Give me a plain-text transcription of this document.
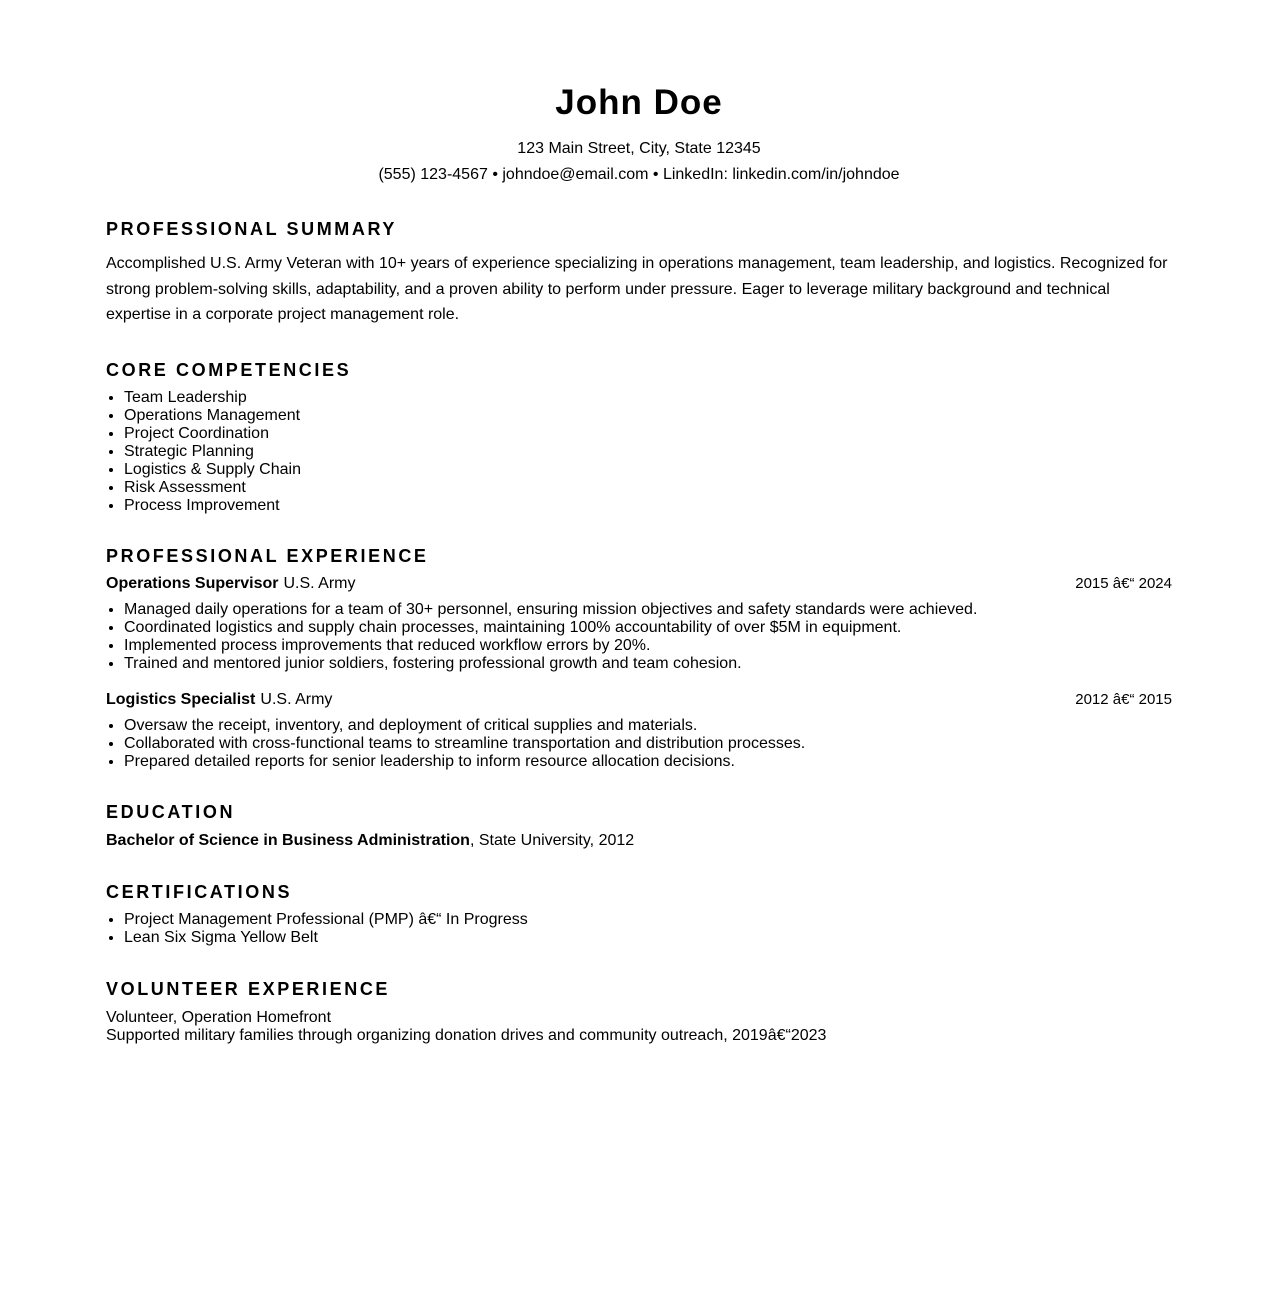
John Doe
123 Main Street, City, State 12345
(555) 123-4567 • johndoe@email.com • LinkedIn: linkedin.com/in/johndoe
PROFESSIONAL SUMMARY
Accomplished U.S. Army Veteran with 10+ years of experience specializing in operations management, team leadership, and logistics. Recognized for strong problem-solving skills, adaptability, and a proven ability to perform under pressure. Eager to leverage military background and technical expertise in a corporate project management role.
CORE COMPETENCIES
• Team Leadership
• Operations Management
• Project Coordination
• Strategic Planning
• Logistics & Supply Chain
• Risk Assessment
• Process Improvement
PROFESSIONAL EXPERIENCE
Operations Supervisor U.S. Army	2015 â€“ 2024
• Managed daily operations for a team of 30+ personnel, ensuring mission objectives and safety standards were achieved.
• Coordinated logistics and supply chain processes, maintaining 100% accountability of over $5M in equipment.
• Implemented process improvements that reduced workflow errors by 20%.
• Trained and mentored junior soldiers, fostering professional growth and team cohesion.
Logistics Specialist U.S. Army	2012 â€“ 2015
• Oversaw the receipt, inventory, and deployment of critical supplies and materials.
• Collaborated with cross-functional teams to streamline transportation and distribution processes.
• Prepared detailed reports for senior leadership to inform resource allocation decisions.
EDUCATION
Bachelor of Science in Business Administration, State University, 2012
CERTIFICATIONS
• Project Management Professional (PMP) â€“ In Progress
• Lean Six Sigma Yellow Belt
VOLUNTEER EXPERIENCE
Volunteer, Operation Homefront
Supported military families through organizing donation drives and community outreach, 2019â€“2023
